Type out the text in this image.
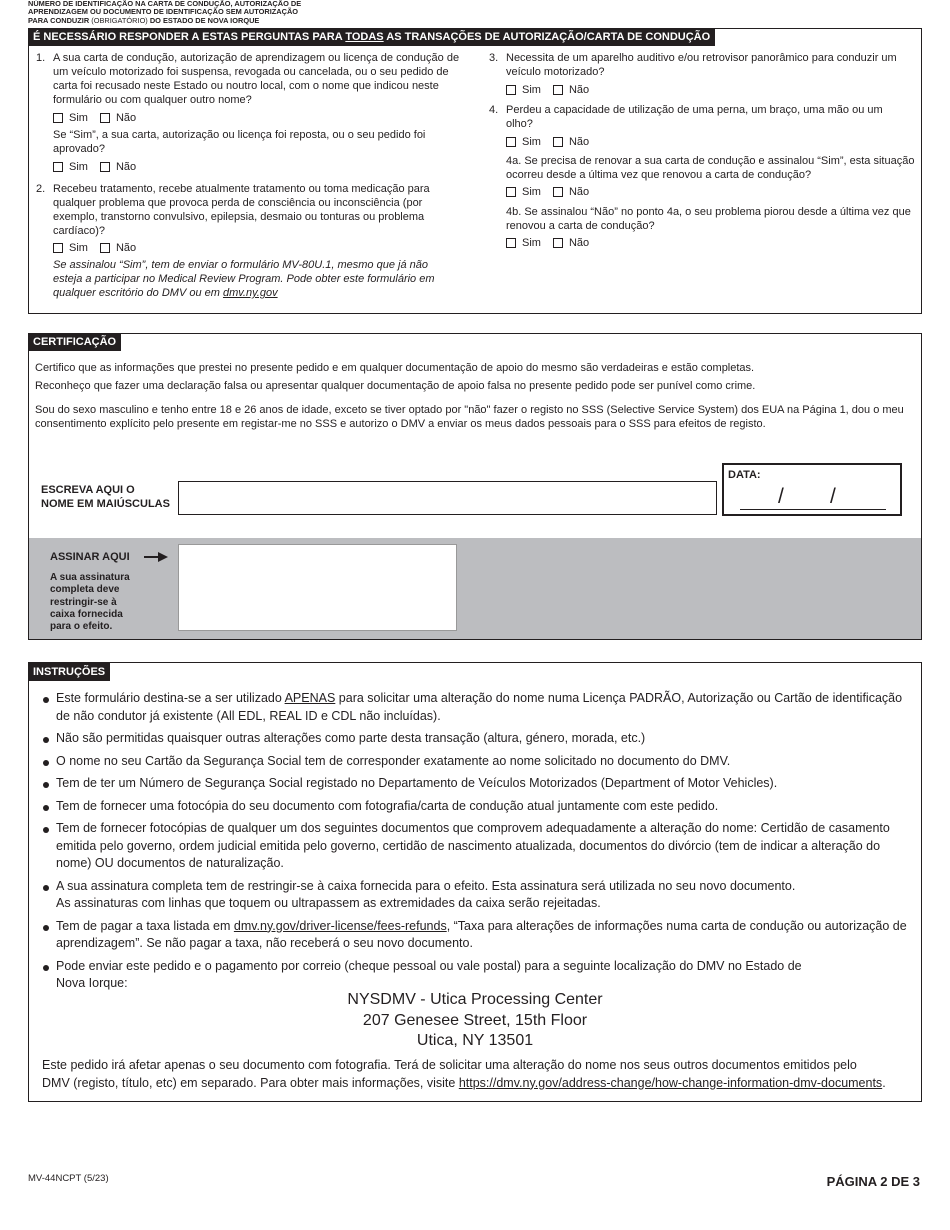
NÚMERO DE IDENTIFICAÇÃO NA CARTA DE CONDUÇÃO, AUTORIZAÇÃO DE
APRENDIZAGEM OU DOCUMENTO DE IDENTIFICAÇÃO SEM AUTORIZAÇÃO
PARA CONDUZIR (OBRIGATÓRIO) DO ESTADO DE NOVA IORQUE
É NECESSÁRIO RESPONDER A ESTAS PERGUNTAS PARA TODAS AS TRANSAÇÕES DE AUTORIZAÇÃO/CARTA DE CONDUÇÃO
1. A sua carta de condução, autorização de aprendizagem ou licença de condução de um veículo motorizado foi suspensa, revogada ou cancelada, ou o seu pedido de carta foi recusado neste Estado ou noutro local, com o nome que indicou neste formulário ou com qualquer outro nome?
Sim	Não
Se “Sim”, a sua carta, autorização ou licença foi reposta, ou o seu pedido foi aprovado?
Sim	Não
2. Recebeu tratamento, recebe atualmente tratamento ou toma medicação para qualquer problema que provoca perda de consciência ou inconsciência (por exemplo, transtorno convulsivo, epilepsia, desmaio ou tonturas ou problema cardíaco)?
Sim	Não
Se assinalou “Sim”, tem de enviar o formulário MV-80U.1, mesmo que já não esteja a participar no Medical Review Program. Pode obter este formulário em qualquer escritório do DMV ou em dmv.ny.gov
3. Necessita de um aparelho auditivo e/ou retrovisor panorâmico para conduzir um veículo motorizado?
Sim	Não
4. Perdeu a capacidade de utilização de uma perna, um braço, uma mão ou um olho?
Sim	Não
4a. Se precisa de renovar a sua carta de condução e assinalou “Sim”, esta situação ocorreu desde a última vez que renovou a carta de condução?
Sim	Não
4b. Se assinalou “Não” no ponto 4a, o seu problema piorou desde a última vez que renovou a carta de condução?
Sim	Não
CERTIFICAÇÃO
Certifico que as informações que prestei no presente pedido e em qualquer documentação de apoio do mesmo são verdadeiras e estão completas.
Reconheço que fazer uma declaração falsa ou apresentar qualquer documentação de apoio falsa no presente pedido pode ser punível como crime.
Sou do sexo masculino e tenho entre 18 e 26 anos de idade, exceto se tiver optado por "não" fazer o registo no SSS (Selective Service System) dos EUA na Página 1, dou o meu consentimento explícito pelo presente em registar-me no SSS e autorizo o DMV a enviar os meus dados pessoais para o SSS para efeitos de registo.
ESCREVA AQUI O
NOME EM MAIÚSCULAS
DATA:
/ /
ASSINAR AQUI
A sua assinatura
completa deve
restringir-se à
caixa fornecida
para o efeito.
INSTRUÇÕES
Este formulário destina-se a ser utilizado APENAS para solicitar uma alteração do nome numa Licença PADRÃO, Autorização ou Cartão de identificação de não condutor já existente (All EDL, REAL ID e CDL não incluídas).
Não são permitidas quaisquer outras alterações como parte desta transação (altura, género, morada, etc.)
O nome no seu Cartão da Segurança Social tem de corresponder exatamente ao nome solicitado no documento do DMV.
Tem de ter um Número de Segurança Social registado no Departamento de Veículos Motorizados (Department of Motor Vehicles).
Tem de fornecer uma fotocópia do seu documento com fotografia/carta de condução atual juntamente com este pedido.
Tem de fornecer fotocópias de qualquer um dos seguintes documentos que comprovem adequadamente a alteração do nome: Certidão de casamento emitida pelo governo, ordem judicial emitida pelo governo, certidão de nascimento atualizada, documentos do divórcio (tem de indicar a alteração do nome) OU documentos de naturalização.
A sua assinatura completa tem de restringir-se à caixa fornecida para o efeito. Esta assinatura será utilizada no seu novo documento.
As assinaturas com linhas que toquem ou ultrapassem as extremidades da caixa serão rejeitadas.
Tem de pagar a taxa listada em dmv.ny.gov/driver-license/fees-refunds, “Taxa para alterações de informações numa carta de condução ou autorização de aprendizagem”. Se não pagar a taxa, não receberá o seu novo documento.
Pode enviar este pedido e o pagamento por correio (cheque pessoal ou vale postal) para a seguinte localização do DMV no Estado de
Nova Iorque:
NYSDMV - Utica Processing Center
207 Genesee Street, 15th Floor
Utica, NY 13501
Este pedido irá afetar apenas o seu documento com fotografia. Terá de solicitar uma alteração do nome nos seus outros documentos emitidos pelo
DMV (registo, título, etc) em separado. Para obter mais informações, visite https://dmv.ny.gov/address-change/how-change-information-dmv-documents.
MV-44NCPT (5/23)	PÁGINA 2 DE 3
